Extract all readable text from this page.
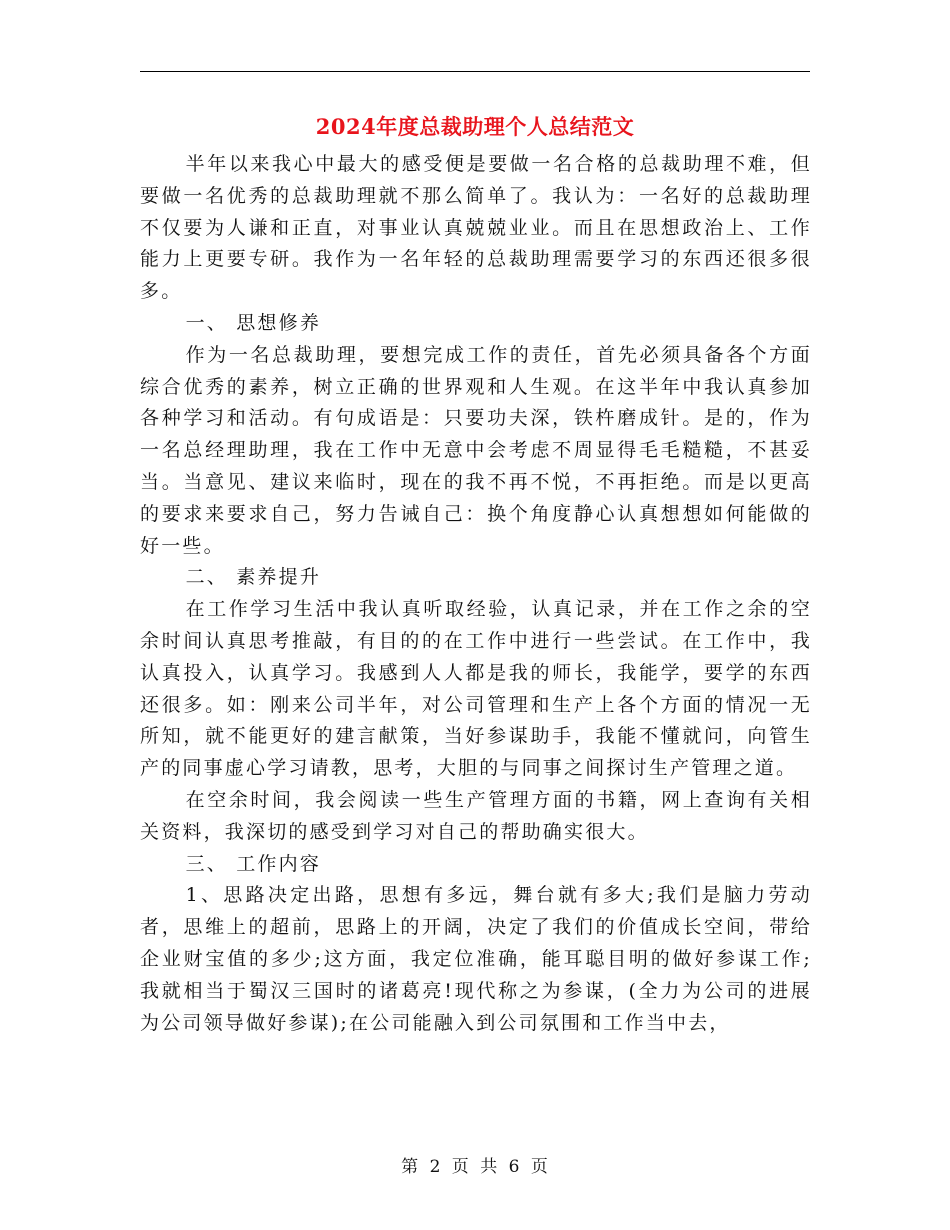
2024年度总裁助理个人总结范文

半年以来我心中最大的感受便是要做一名合格的总裁助理不难，但要做一名优秀的总裁助理就不那么简单了。我认为：一名好的总裁助理不仅要为人谦和正直，对事业认真兢兢业业。而且在思想政治上、工作能力上更要专研。我作为一名年轻的总裁助理需要学习的东西还很多很多。

一、 思想修养

作为一名总裁助理，要想完成工作的责任，首先必须具备各个方面综合优秀的素养，树立正确的世界观和人生观。在这半年中我认真参加各种学习和活动。有句成语是：只要功夫深，铁杵磨成针。是的，作为一名总经理助理，我在工作中无意中会考虑不周显得毛毛糙糙，不甚妥当。当意见、建议来临时，现在的我不再不悦，不再拒绝。而是以更高的要求来要求自己，努力告诫自己：换个角度静心认真想想如何能做的好一些。

二、 素养提升

在工作学习生活中我认真听取经验，认真记录，并在工作之余的空余时间认真思考推敲，有目的的在工作中进行一些尝试。在工作中，我认真投入，认真学习。我感到人人都是我的师长，我能学，要学的东西还很多。如：刚来公司半年，对公司管理和生产上各个方面的情况一无所知，就不能更好的建言献策，当好参谋助手，我能不懂就问，向管生产的同事虚心学习请教，思考，大胆的与同事之间探讨生产管理之道。

在空余时间，我会阅读一些生产管理方面的书籍，网上查询有关相关资料，我深切的感受到学习对自己的帮助确实很大。

三、 工作内容

1、思路决定出路，思想有多远，舞台就有多大;我们是脑力劳动者，思维上的超前，思路上的开阔，决定了我们的价值成长空间，带给企业财宝值的多少;这方面，我定位准确，能耳聪目明的做好参谋工作;我就相当于蜀汉三国时的诸葛亮!现代称之为参谋，(全力为公司的进展为公司领导做好参谋);在公司能融入到公司氛围和工作当中去，

第 2 页 共 6 页
